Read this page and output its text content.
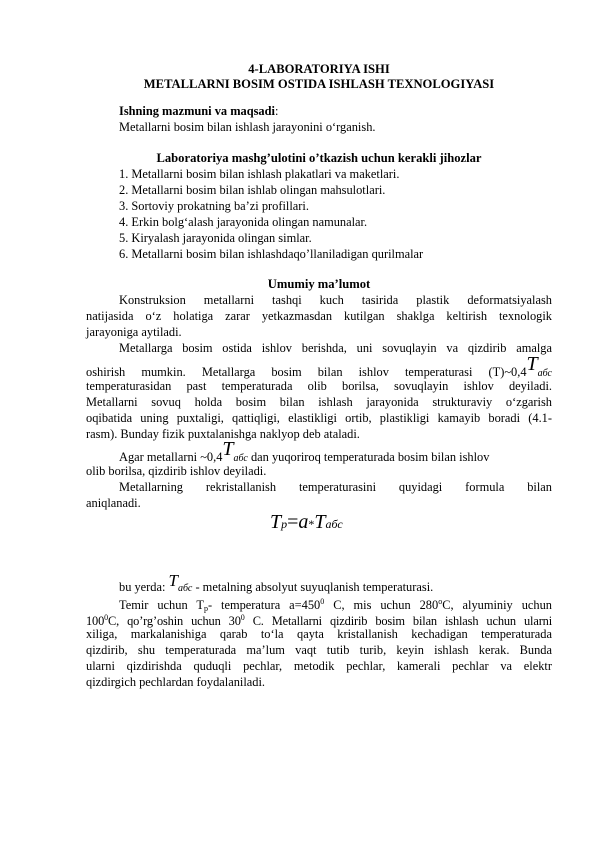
4-LABORATORIYA ISHI
METALLARNI BOSIM OSTIDA ISHLASH TEXNOLOGIYASI
Ishning mazmuni va maqsadi:
Metallarni bosim bilan ishlash jarayonini o‘rganish.
Laboratoriya mashg’ulotini o’tkazish uchun kerakli jihozlar
1. Metallarni bosim bilan ishlash plakatlari va maketlari.
2. Metallarni bosim bilan ishlab olingan mahsulotlari.
3. Sortoviy prokatning ba’zi profillari.
4. Erkin bolg‘alash jarayonida olingan namunalar.
5. Kiryalash jarayonida olingan simlar.
6. Metallarni bosim bilan ishlashdaqo’llaniladigan qurilmalar
Umumiy ma’lumot
Konstruksion metallarni tashqi kuch tasirida plastik deformatsiyalash
natijasida o‘z holatiga zarar yetkazmasdan kutilgan shaklga keltirish texnologik
jarayoniga aytiladi.
Metallarga bosim ostida ishlov berishda, uni sovuqlayin va qizdirib amalga
oshirish mumkin. Metallarga bosim bilan ishlov temperaturasi (T)~0,4Tабс
temperaturasidan past temperaturada olib borilsa, sovuqlayin ishlov deyiladi.
Metallarni sovuq holda bosim bilan ishlash jarayonida strukturaviy o‘zgarish
oqibatida uning puxtaligi, qattiqligi, elastikligi ortib, plastikligi kamayib boradi (4.1-
rasm). Bunday fizik puxtalanishga naklyop deb ataladi.
Agar metallarni ~0,4Tабс dan yuqoriroq temperaturada bosim bilan ishlov
olib borilsa, qizdirib ishlov deyiladi.
Metallarning rekristallanish temperaturasini quyidagi formula bilan
aniqlanadi.
Tp=a*Tабс
bu yerda: Tабс - metalning absolyut suyuqlanish temperaturasi.
Temir uchun Tp- temperatura $a=450^0$ C, mis uchun 280$^o$C, alyuminiy uchun
$100^0C$, qo’rg’oshin uchun $30^0$ C. Metallarni qizdirib bosim bilan ishlash uchun ularni
xiliga, markalanishiga qarab to‘la qayta kristallanish kechadigan temperaturada
qizdirib, shu temperaturada ma’lum vaqt tutib turib, keyin ishlash kerak. Bunda
ularni qizdirishda quduqli pechlar, metodik pechlar, kamerali pechlar va elektr
qizdirgich pechlardan foydalaniladi.
